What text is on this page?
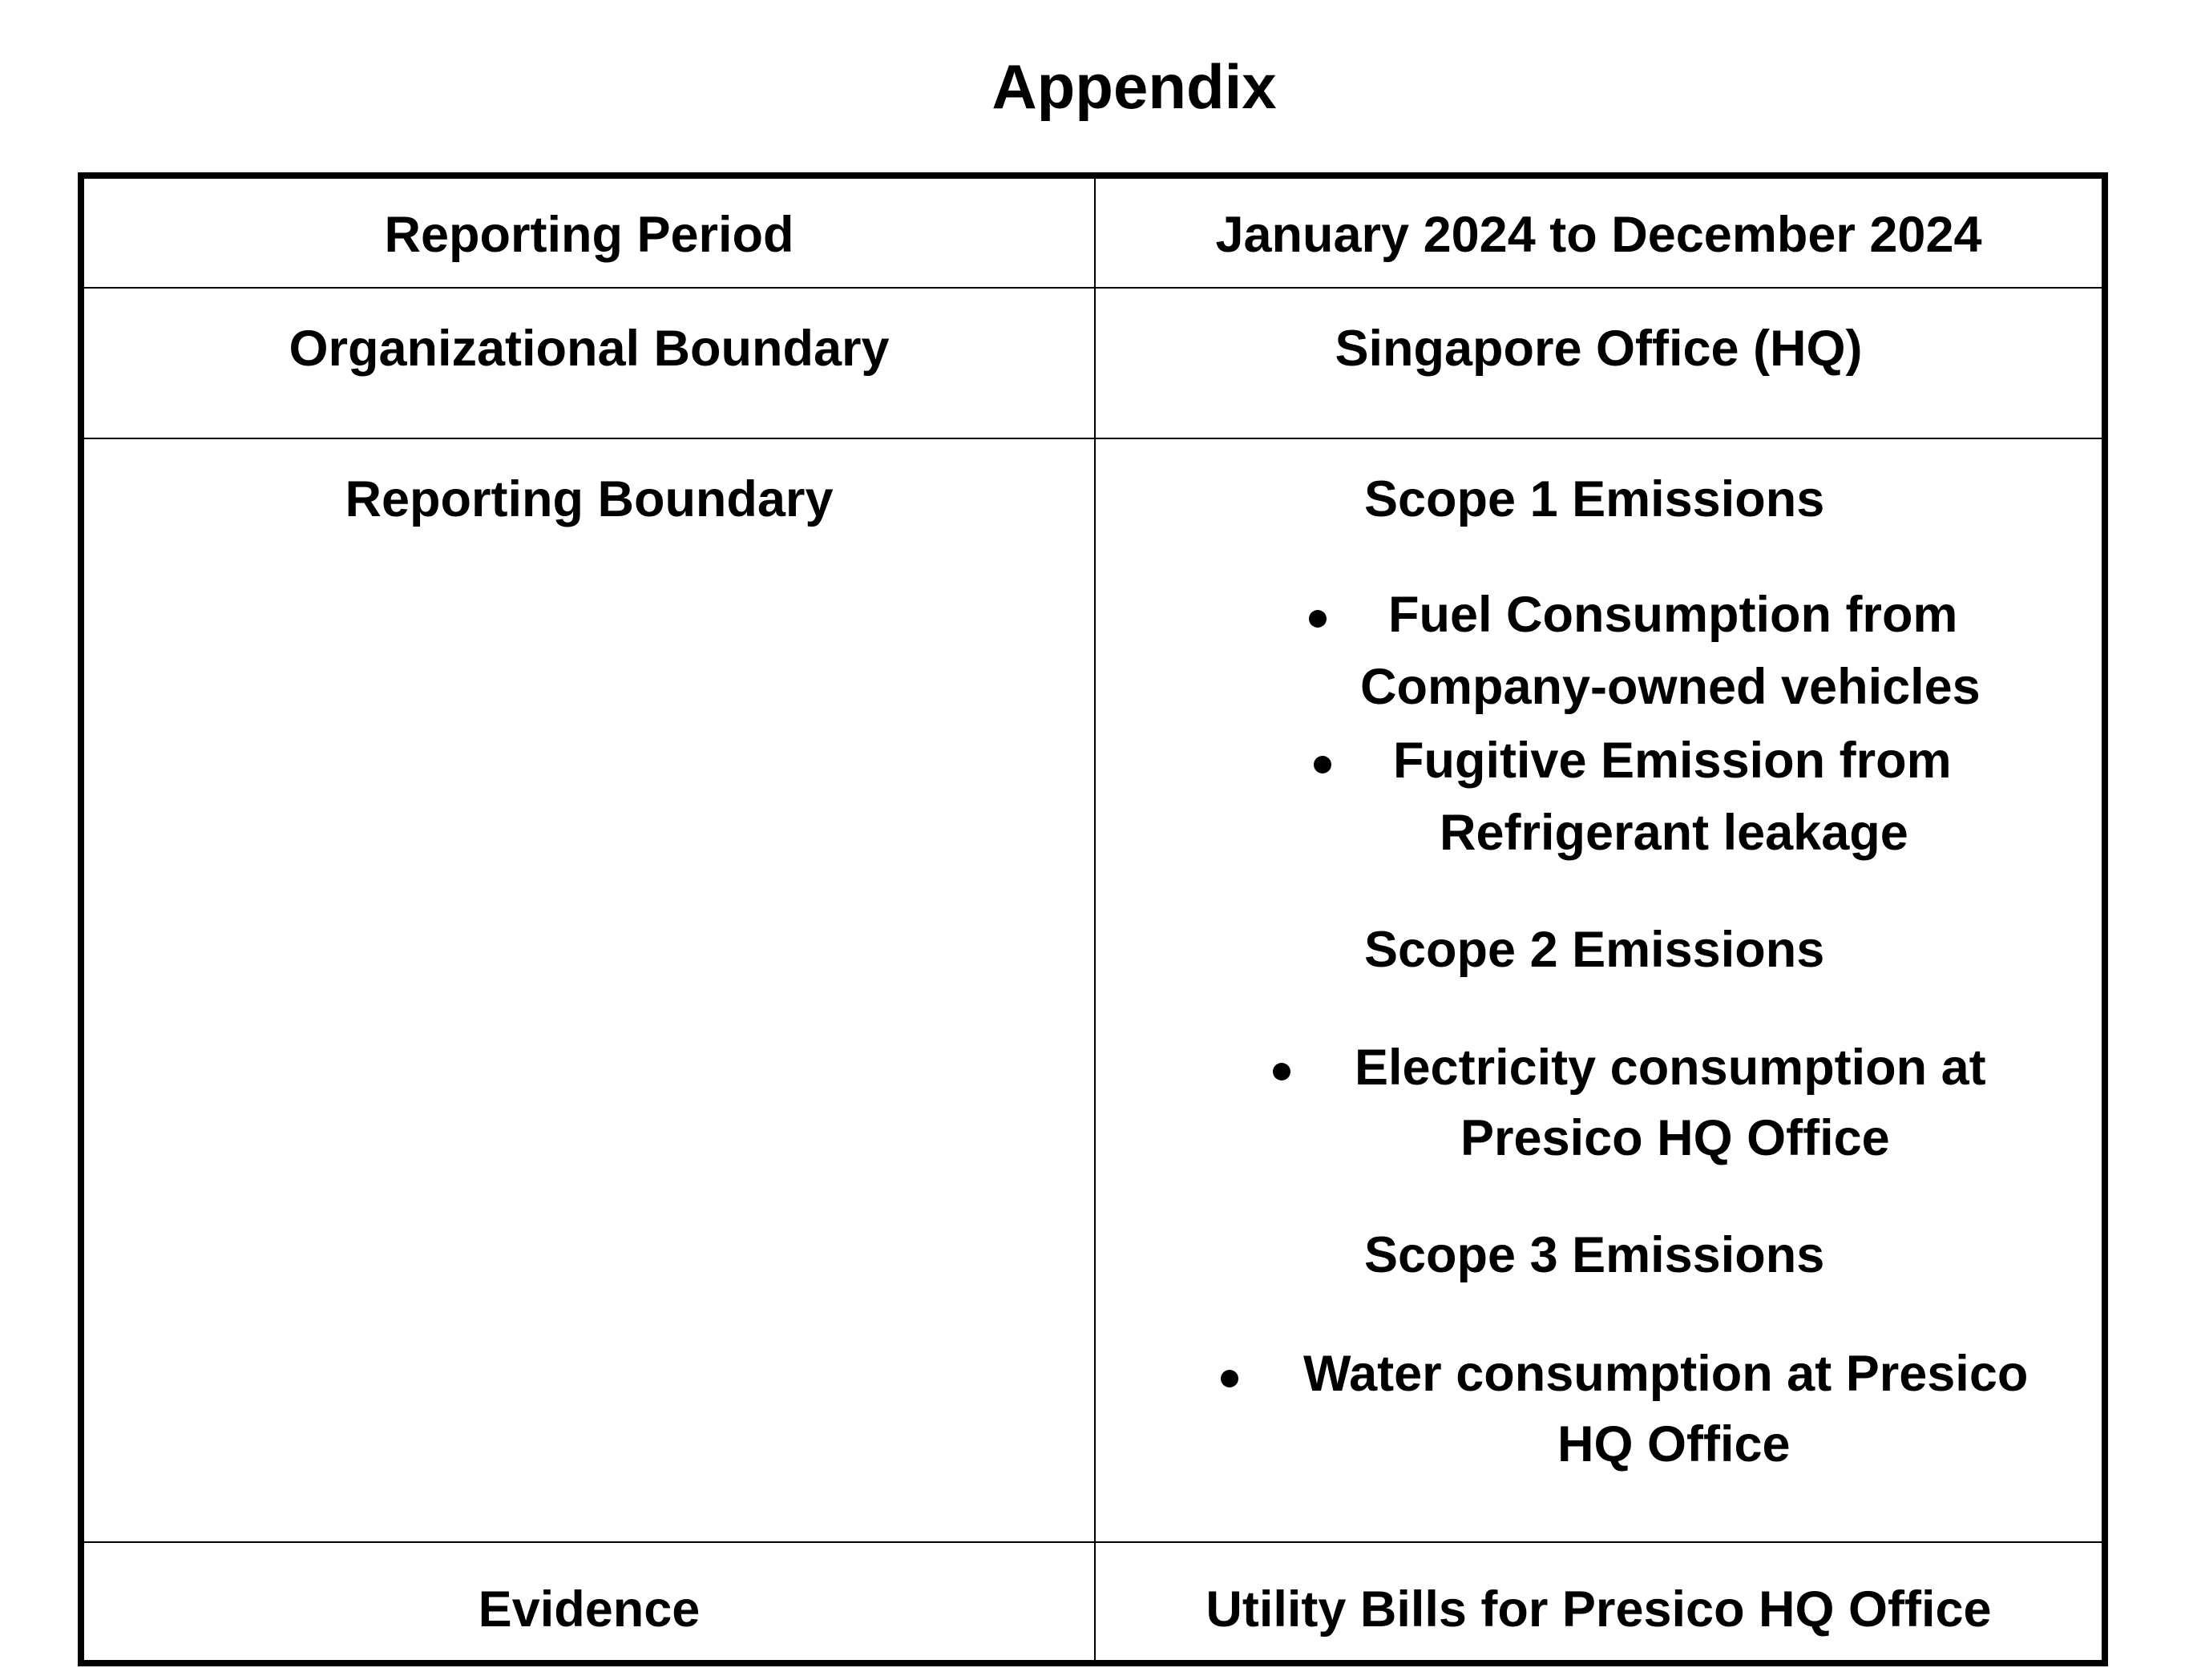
Appendix
Reporting Period	January 2024 to December 2024
Organizational Boundary	Singapore Office (HQ)
Reporting Boundary	Scope 1 Emissions
Fuel Consumption from
Company-owned vehicles
Fugitive Emission from
Refrigerant leakage
Scope 2 Emissions
Electricity consumption at
Presico HQ Office
Scope 3 Emissions
Water consumption at Presico
HQ Office
Evidence	Utility Bills for Presico HQ Office
